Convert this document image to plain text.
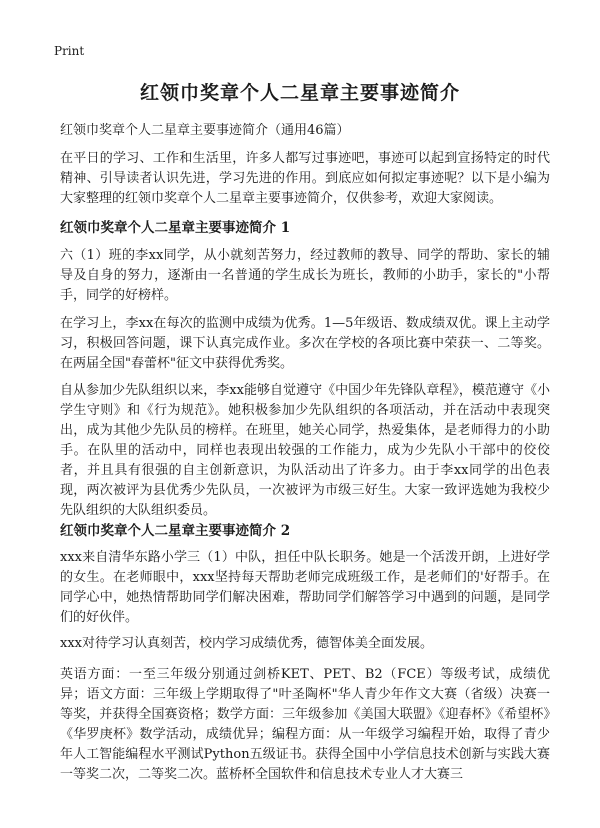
Print
红领巾奖章个人二星章主要事迹简介
红领巾奖章个人二星章主要事迹简介（通用46篇）

在平日的学习、工作和生活里，许多人都写过事迹吧，事迹可以起到宣扬特定的时代精神、引导读者认识先进，学习先进的作用。到底应如何拟定事迹呢？以下是小编为大家整理的红领巾奖章个人二星章主要事迹简介，仅供参考，欢迎大家阅读。

红领巾奖章个人二星章主要事迹简介 1

六（1）班的李xx同学，从小就刻苦努力，经过教师的教导、同学的帮助、家长的辅导及自身的努力，逐渐由一名普通的学生成长为班长，教师的小助手，家长的"小帮手，同学的好榜样。

在学习上，李xx在每次的监测中成绩为优秀。1—5年级语、数成绩双优。课上主动学习，积极回答问题，课下认真完成作业。多次在学校的各项比赛中荣获一、二等奖。在两届全国"春蕾杯"征文中获得优秀奖。

自从参加少先队组织以来，李xx能够自觉遵守《中国少年先锋队章程》，模范遵守《小学生守则》和《行为规范》。她积极参加少先队组织的各项活动，并在活动中表现突出，成为其他少先队员的榜样。在班里，她关心同学，热爱集体，是老师得力的小助手。在队里的活动中，同样也表现出较强的工作能力，成为少先队小干部中的佼佼者，并且具有很强的自主创新意识，为队活动出了许多力。由于李xx同学的出色表现，两次被评为县优秀少先队员，一次被评为市级三好生。大家一致评选她为我校少先队组织的大队组织委员。

红领巾奖章个人二星章主要事迹简介 2

xxx来自清华东路小学三（1）中队，担任中队长职务。她是一个活泼开朗，上进好学的女生。在老师眼中，xxx坚持每天帮助老师完成班级工作，是老师们的'好帮手。在同学心中，她热情帮助同学们解决困难，帮助同学们解答学习中遇到的问题，是同学们的好伙伴。

xxx对待学习认真刻苦，校内学习成绩优秀，德智体美全面发展。

英语方面：一至三年级分别通过剑桥KET、PET、B2（FCE）等级考试，成绩优异；语文方面：三年级上学期取得了"叶圣陶杯"华人青少年作文大赛（省级）决赛一等奖，并获得全国赛资格；数学方面：三年级参加《美国大联盟》《迎春杯》《希望杯》《华罗庚杯》数学活动，成绩优异；编程方面：从一年级学习编程开始，取得了青少年人工智能编程水平测试Python五级证书。获得全国中小学信息技术创新与实践大赛一等奖二次，二等奖二次。蓝桥杯全国软件和信息技术专业人才大赛三
